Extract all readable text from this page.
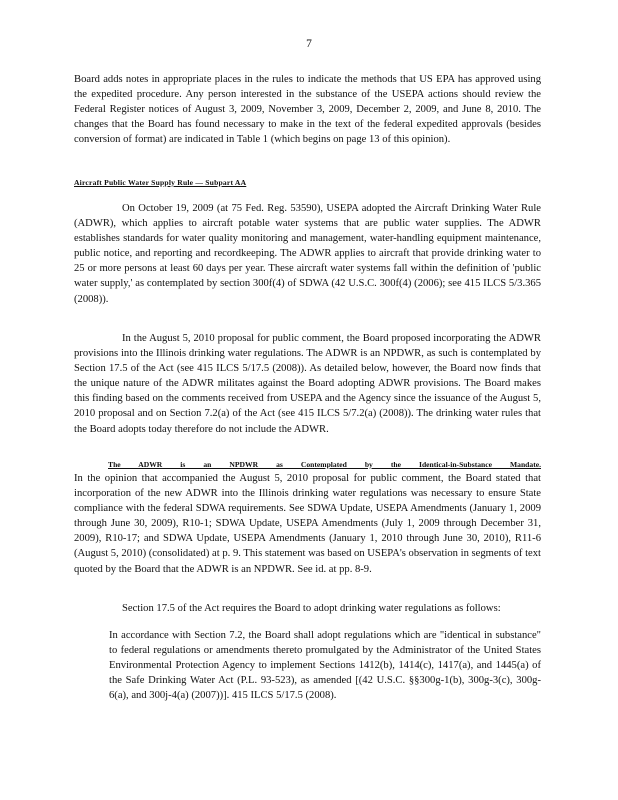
7
Board adds notes in appropriate places in the rules to indicate the methods that US EPA has approved using the expedited procedure. Any person interested in the substance of the USEPA actions should review the Federal Register notices of August 3, 2009, November 3, 2009, December 2, 2009, and June 8, 2010. The changes that the Board has found necessary to make in the text of the federal expedited approvals (besides conversion of format) are indicated in Table 1 (which begins on page 13 of this opinion).
Aircraft Public Water Supply Rule — Subpart AA
On October 19, 2009 (at 75 Fed. Reg. 53590), USEPA adopted the Aircraft Drinking Water Rule (ADWR), which applies to aircraft potable water systems that are public water supplies. The ADWR establishes standards for water quality monitoring and management, water-handling equipment maintenance, public notice, and reporting and recordkeeping. The ADWR applies to aircraft that provide drinking water to 25 or more persons at least 60 days per year. These aircraft water systems fall within the definition of 'public water supply,' as contemplated by section 300f(4) of SDWA (42 U.S.C. 300f(4) (2006); see 415 ILCS 5/3.365 (2008)).
In the August 5, 2010 proposal for public comment, the Board proposed incorporating the ADWR provisions into the Illinois drinking water regulations. The ADWR is an NPDWR, as such is contemplated by Section 17.5 of the Act (see 415 ILCS 5/17.5 (2008)). As detailed below, however, the Board now finds that the unique nature of the ADWR militates against the Board adopting ADWR provisions. The Board makes this finding based on the comments received from USEPA and the Agency since the issuance of the August 5, 2010 proposal and on Section 7.2(a) of the Act (see 415 ILCS 5/7.2(a) (2008)). The drinking water rules that the Board adopts today therefore do not include the ADWR.
The ADWR is an NPDWR as Contemplated by the Identical-in-Substance Mandate.
In the opinion that accompanied the August 5, 2010 proposal for public comment, the Board stated that incorporation of the new ADWR into the Illinois drinking water regulations was necessary to ensure State compliance with the federal SDWA requirements. See SDWA Update, USEPA Amendments (January 1, 2009 through June 30, 2009), R10-1; SDWA Update, USEPA Amendments (July 1, 2009 through December 31, 2009), R10-17; and SDWA Update, USEPA Amendments (January 1, 2010 through June 30, 2010), R11-6 (August 5, 2010) (consolidated) at p. 9. This statement was based on USEPA's observation in segments of text quoted by the Board that the ADWR is an NPDWR. See id. at pp. 8-9.
Section 17.5 of the Act requires the Board to adopt drinking water regulations as follows:
In accordance with Section 7.2, the Board shall adopt regulations which are "identical in substance" to federal regulations or amendments thereto promulgated by the Administrator of the United States Environmental Protection Agency to implement Sections 1412(b), 1414(c), 1417(a), and 1445(a) of the Safe Drinking Water Act (P.L. 93-523), as amended [(42 U.S.C. §§300g-1(b), 300g-3(c), 300g-6(a), and 300j-4(a) (2007))]. 415 ILCS 5/17.5 (2008).
